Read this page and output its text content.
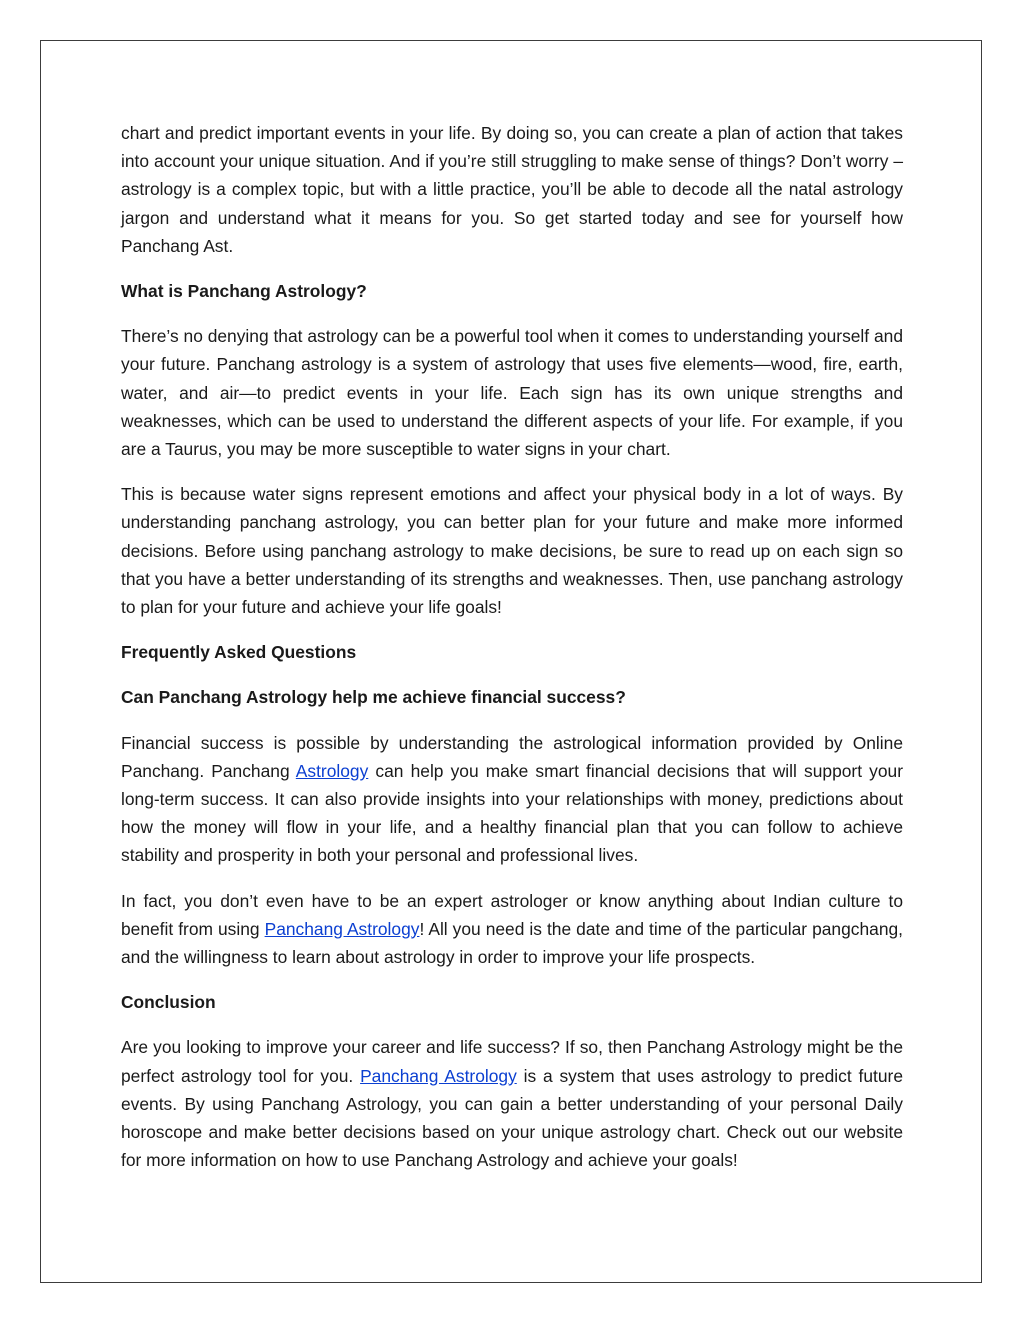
chart and predict important events in your life. By doing so, you can create a plan of action that takes into account your unique situation. And if you’re still struggling to make sense of things? Don’t worry – astrology is a complex topic, but with a little practice, you’ll be able to decode all the natal astrology jargon and understand what it means for you. So get started today and see for yourself how Panchang Ast.

What is Panchang Astrology?

There’s no denying that astrology can be a powerful tool when it comes to understanding yourself and your future. Panchang astrology is a system of astrology that uses five elements—wood, fire, earth, water, and air—to predict events in your life. Each sign has its own unique strengths and weaknesses, which can be used to understand the different aspects of your life. For example, if you are a Taurus, you may be more susceptible to water signs in your chart.

This is because water signs represent emotions and affect your physical body in a lot of ways. By understanding panchang astrology, you can better plan for your future and make more informed decisions. Before using panchang astrology to make decisions, be sure to read up on each sign so that you have a better understanding of its strengths and weaknesses. Then, use panchang astrology to plan for your future and achieve your life goals!

Frequently Asked Questions

Can Panchang Astrology help me achieve financial success?

Financial success is possible by understanding the astrological information provided by Online Panchang. Panchang Astrology can help you make smart financial decisions that will support your long-term success. It can also provide insights into your relationships with money, predictions about how the money will flow in your life, and a healthy financial plan that you can follow to achieve stability and prosperity in both your personal and professional lives.

In fact, you don’t even have to be an expert astrologer or know anything about Indian culture to benefit from using Panchang Astrology! All you need is the date and time of the particular pangchang, and the willingness to learn about astrology in order to improve your life prospects.

Conclusion

Are you looking to improve your career and life success? If so, then Panchang Astrology might be the perfect astrology tool for you. Panchang Astrology is a system that uses astrology to predict future events. By using Panchang Astrology, you can gain a better understanding of your personal Daily horoscope and make better decisions based on your unique astrology chart. Check out our website for more information on how to use Panchang Astrology and achieve your goals!
